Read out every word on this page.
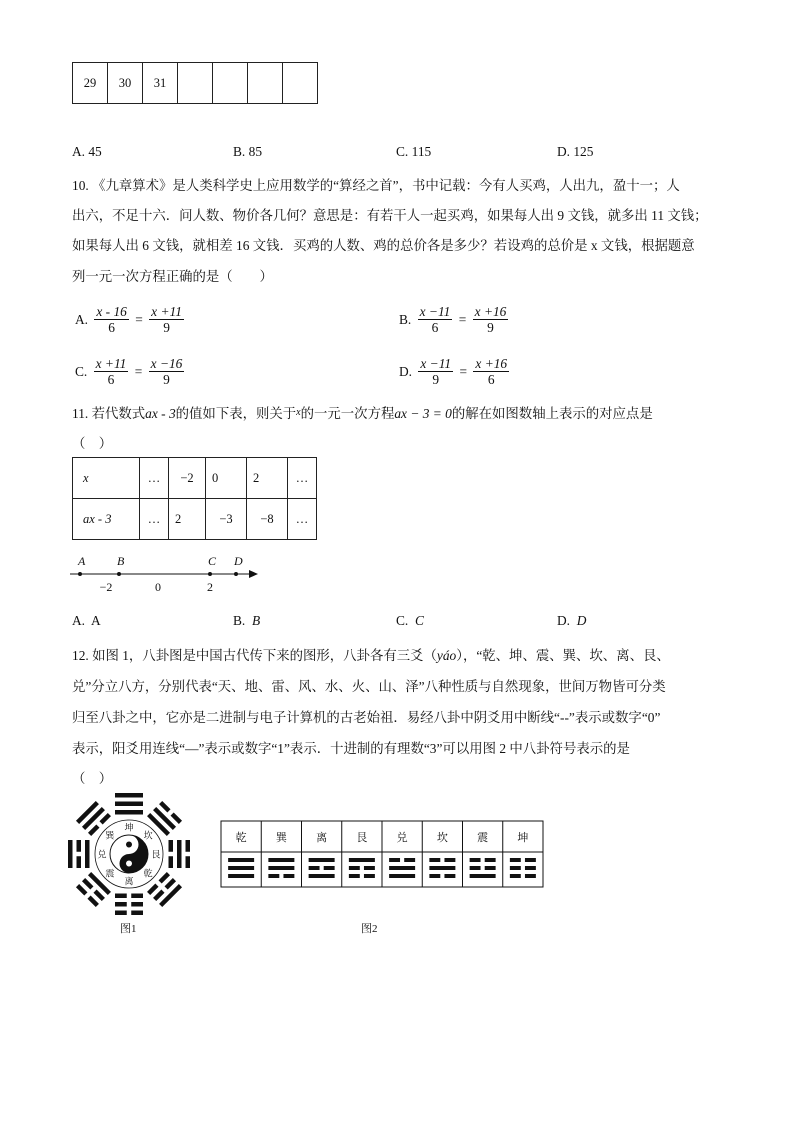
29	30	31				
A. 45	B. 85	C. 115	D. 125
10. 《九章算术》是人类科学史上应用数学的“算经之首”，书中记载：今有人买鸡，人出九，盈十一；人
出六，不足十六．问人数、物价各几何？意思是：有若干人一起买鸡，如果每人出 9 文钱，就多出 11 文钱；
如果每人出 6 文钱，就相差 16 文钱．买鸡的人数、鸡的总价各是多少？若设鸡的总价是 x 文钱，根据题意
列一元一次方程正确的是（　　）
A. $\frac{x - 16}{6} = \frac{x +11}{9}$	B. $\frac{x -11}{6} = \frac{x +16}{9}$
C. $\frac{x +11}{6} = \frac{x -16}{9}$	D. $\frac{x -11}{9} = \frac{x +16}{6}$
11. 若代数式ax - 3的值如下表，则关于$^x$的一元一次方程ax − 3 = 0的解在如图数轴上表示的对应点是
（　）
x	…	−2	0	2	…
ax - 3	…	2	−3	−8	…
A	B	C D
−2	0	2
A. A	B. B	C. C	D. D
12. 如图 1，八卦图是中国古代传下来的图形，八卦各有三爻（yáo），“乾、坤、震、巽、坎、离、艮、
兑”分立八方，分别代表“天、地、雷、风、水、火、山、泽”八种性质与自然现象，世间万物皆可分类
归至八卦之中，它亦是二进制与电子计算机的古老始祖．易经八卦中阴爻用中断线“--”表示或数字“0”
表示，阳爻用连线“—”表示或数字“1”表示．十进制的有理数“3”可以用图 2 中八卦符号表示的是
（　）
坤
坎
艮
乾
离
震
兑
巽
图1
乾	巽	离	艮	兑	坎	震	坤
图2
